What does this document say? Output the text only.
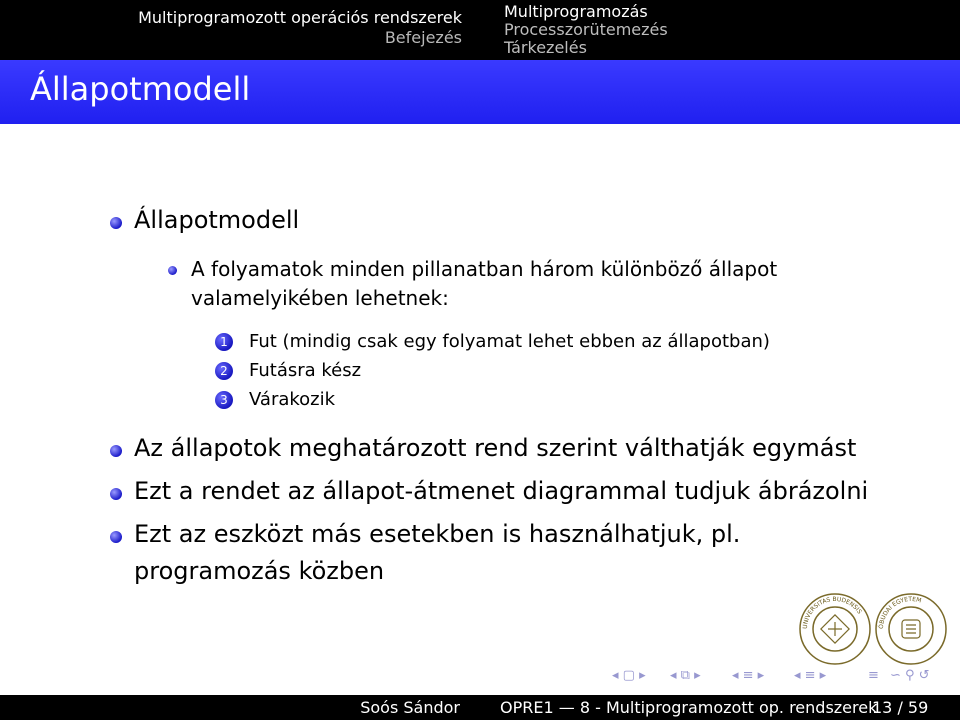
Multiprogramozott operációs rendszerek
Befejezés
Multiprogramozás
Processzorütemezés
Tárkezelés
Állapotmodell
Állapotmodell
A folyamatok minden pillanatban három különböző állapot
valamelyikében lehetnek:
1 Fut (mindig csak egy folyamat lehet ebben az állapotban)
2 Futásra kész
3 Várakozik
Az állapotok meghatározott rend szerint válthatják egymást
Ezt a rendet az állapot-átmenet diagrammal tudjuk ábrázolni
Ezt az eszközt más esetekben is használhatjuk, pl.
programozás közben
UNIVERSITAS BUDENSIS
ÓBUDAI EGYETEM
◂ ▢ ▸ ◂ ⧉ ▸ ◂ ≡ ▸ ◂ ≡ ▸	≡ ∽ ⚲ ↺
Soós Sándor	OPRE1 — 8 - Multiprogramozott op. rendszerek
13 / 59
